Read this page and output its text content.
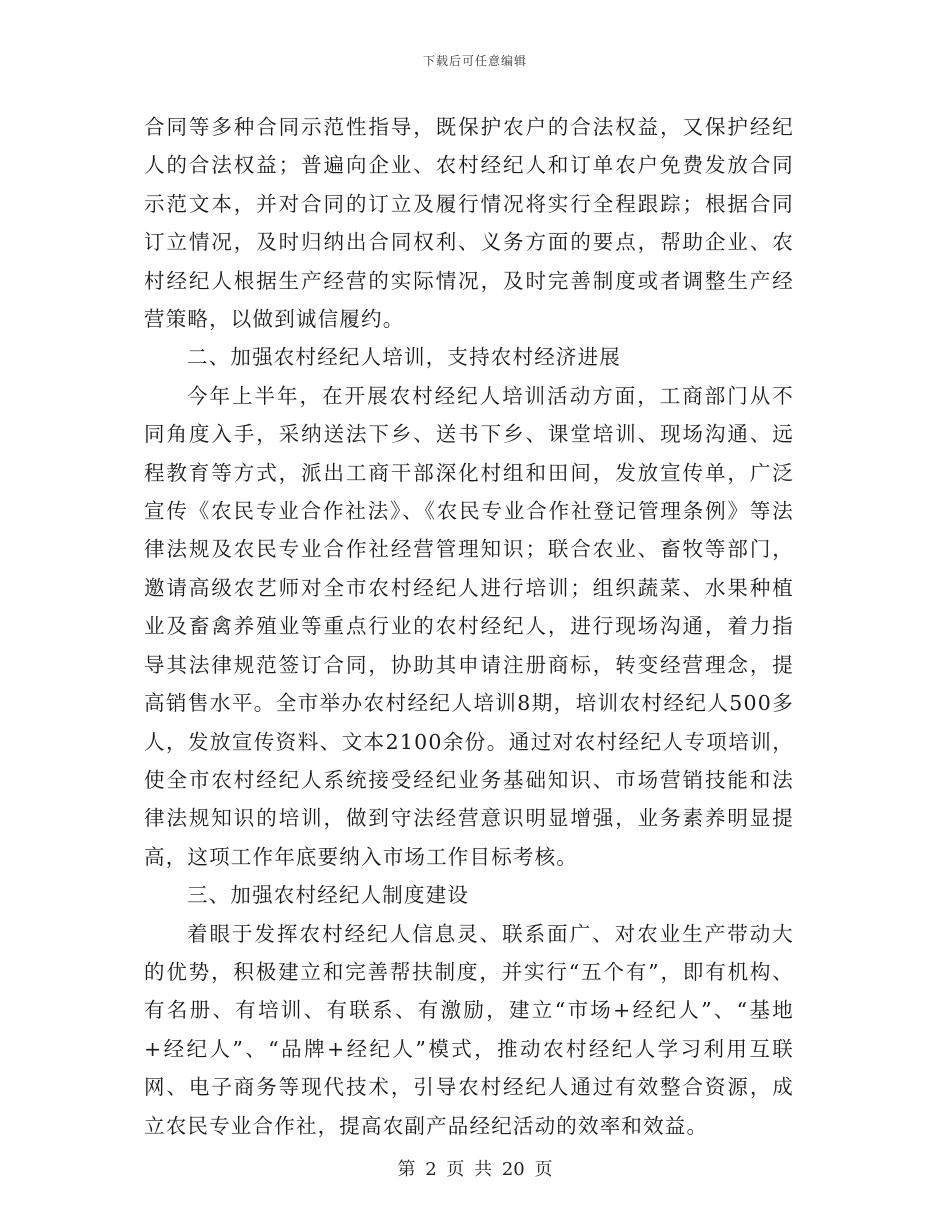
下载后可任意编辑

合同等多种合同示范性指导，既保护农户的合法权益，又保护经纪人的合法权益；普遍向企业、农村经纪人和订单农户免费发放合同示范文本，并对合同的订立及履行情况将实行全程跟踪；根据合同订立情况，及时归纳出合同权利、义务方面的要点，帮助企业、农村经纪人根据生产经营的实际情况，及时完善制度或者调整生产经营策略，以做到诚信履约。

二、加强农村经纪人培训，支持农村经济进展

今年上半年，在开展农村经纪人培训活动方面，工商部门从不同角度入手，采纳送法下乡、送书下乡、课堂培训、现场沟通、远程教育等方式，派出工商干部深化村组和田间，发放宣传单，广泛宣传《农民专业合作社法》、《农民专业合作社登记管理条例》等法律法规及农民专业合作社经营管理知识；联合农业、畜牧等部门，邀请高级农艺师对全市农村经纪人进行培训；组织蔬菜、水果种植业及畜禽养殖业等重点行业的农村经纪人，进行现场沟通，着力指导其法律规范签订合同，协助其申请注册商标，转变经营理念，提高销售水平。全市举办农村经纪人培训8期，培训农村经纪人500多人，发放宣传资料、文本2100余份。通过对农村经纪人专项培训，使全市农村经纪人系统接受经纪业务基础知识、市场营销技能和法律法规知识的培训，做到守法经营意识明显增强，业务素养明显提高，这项工作年底要纳入市场工作目标考核。

三、加强农村经纪人制度建设

着眼于发挥农村经纪人信息灵、联系面广、对农业生产带动大的优势，积极建立和完善帮扶制度，并实行“五个有”，即有机构、有名册、有培训、有联系、有激励，建立“市场+经纪人”、“基地+经纪人”、“品牌+经纪人”模式，推动农村经纪人学习利用互联网、电子商务等现代技术，引导农村经纪人通过有效整合资源，成立农民专业合作社，提高农副产品经纪活动的效率和效益。

第 2 页 共 20 页
